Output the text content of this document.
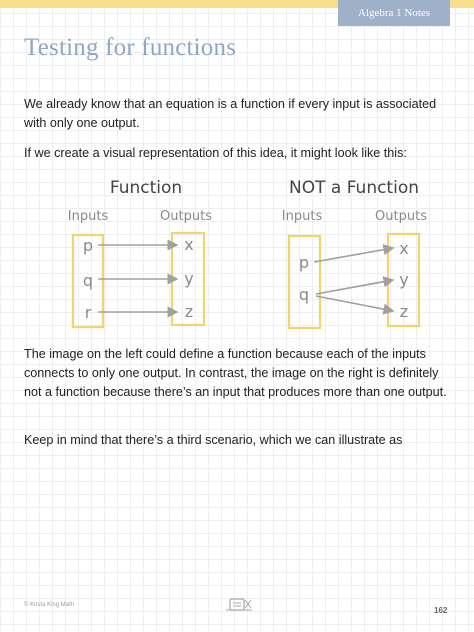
Algebra 1 Notes
Testing for functions

We already know that an equation is a function if every input is associated with only one output.

If we create a visual representation of this idea, it might look like this:

Function
Inputs	Outputs
p
q
r
x
y
z
NOT a Function
Inputs	Outputs
p
q
x
y
z

The image on the left could define a function because each of the inputs connects to only one output. In contrast, the image on the right is definitely not a function because there’s an input that produces more than one output.

Keep in mind that there’s a third scenario, which we can illustrate as

© Krista King Math
162
